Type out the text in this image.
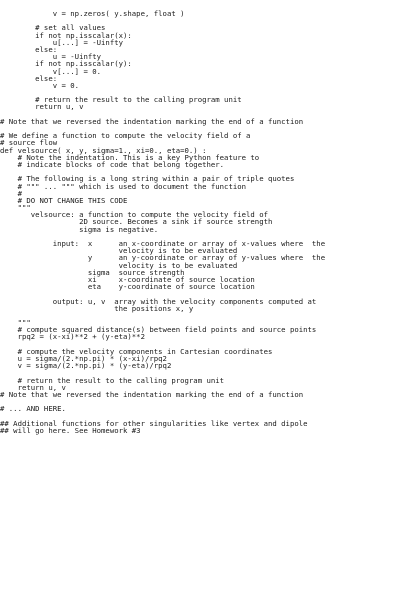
v = np.zeros( y.shape, float )
# set all values
if not np.isscalar(x):
u[...] = -Uinfty
else:
u = -Uinfty
if not np.isscalar(y):
v[...] = 0.
else:
v = 0.
# return the result to the calling program unit
return u, v
# Note that we reversed the indentation marking the end of a function
# We define a function to compute the velocity field of a
# source flow
def velsource( x, y, sigma=1., xi=0., eta=0.) :
# Note the indentation. This is a key Python feature to
# indicate blocks of code that belong together.
# The following is a long string within a pair of triple quotes
# """ ... """ which is used to document the function
#
# DO NOT CHANGE THIS CODE
"""
velsource: a function to compute the velocity field of
2D source. Becomes a sink if source strength
sigma is negative.
input:  x      an x-coordinate or array of x-values where  the
velocity is to be evaluated
y      an y-coordinate or array of y-values where  the
velocity is to be evaluated
sigma  source strength
xi     x-coordinate of source location
eta    y-coordinate of source location
output: u, v  array with the velocity components computed at
the positions x, y
"""
# compute squared distance(s) between field points and source points
rpq2 = (x-xi)**2 + (y-eta)**2
# compute the velocity components in Cartesian coordinates
u = sigma/(2.*np.pi) * (x-xi)/rpq2
v = sigma/(2.*np.pi) * (y-eta)/rpq2
# return the result to the calling program unit
return u, v
# Note that we reversed the indentation marking the end of a function
# ... AND HERE.
## Additional functions for other singularities like vertex and dipole
## will go here. See Homework #3
